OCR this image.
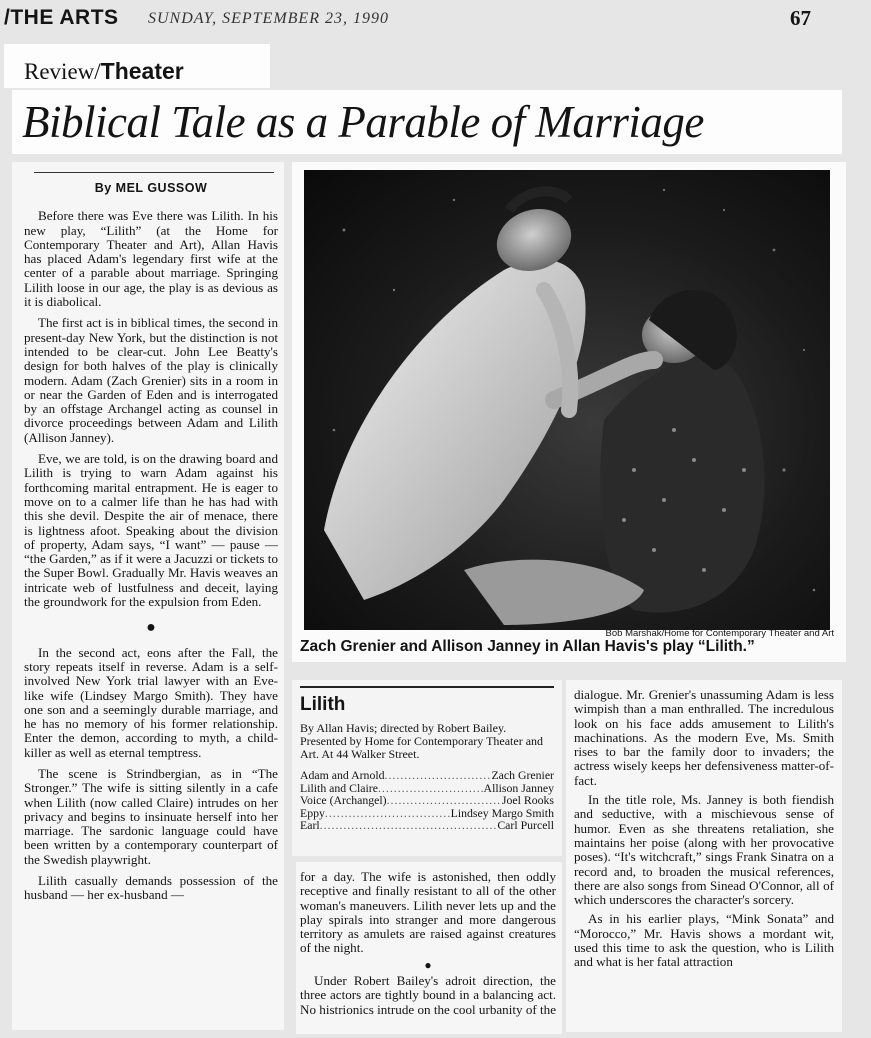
/THE ARTS SUNDAY, SEPTEMBER 23, 1990	67
Review/Theater
Biblical Tale as a Parable of Marriage
By MEL GUSSOW

Before there was Eve there was Lilith. In his new play, “Lilith” (at the Home for Contemporary Theater and Art), Allan Havis has placed Adam's legendary first wife at the center of a parable about marriage. Springing Lilith loose in our age, the play is as devious as it is diabolical.

The first act is in biblical times, the second in present-day New York, but the distinction is not intended to be clear-cut. John Lee Beatty's design for both halves of the play is clinically modern. Adam (Zach Grenier) sits in a room in or near the Garden of Eden and is interrogated by an offstage Archangel acting as counsel in divorce proceedings between Adam and Lilith (Allison Janney).

Eve, we are told, is on the drawing board and Lilith is trying to warn Adam against his forthcoming marital entrapment. He is eager to move on to a calmer life than he has had with this she devil. Despite the air of menace, there is lightness afoot. Speaking about the division of property, Adam says, “I want” — pause — “the Garden,” as if it were a Jacuzzi or tickets to the Super Bowl. Gradually Mr. Havis weaves an intricate web of lustfulness and deceit, laying the groundwork for the expulsion from Eden.

●

In the second act, eons after the Fall, the story repeats itself in reverse. Adam is a self-involved New York trial lawyer with an Eve-like wife (Lindsey Margo Smith). They have one son and a seemingly durable marriage, and he has no memory of his former relationship. Enter the demon, according to myth, a child-killer as well as eternal temptress.

The scene is Strindbergian, as in “The Stronger.” The wife is sitting silently in a cafe when Lilith (now called Claire) intrudes on her privacy and begins to insinuate herself into her marriage. The sardonic language could have been written by a contemporary counterpart of the Swedish playwright.

Lilith casually demands possession of the husband — her ex-husband —

Bob Marshak/Home for Contemporary Theater and Art
Zach Grenier and Allison Janney in Allan Havis's play “Lilith.”
Lilith
By Allan Havis; directed by Robert Bailey. Presented by Home for Contemporary Theater and Art. At 44 Walker Street.
Adam and Arnold .....	Zach Grenier
Lilith and Claire .....	Allison Janney
Voice (Archangel) .....	Joel Rooks
Eppy .....	Lindsey Margo Smith
Earl .....	Carl Purcell

for a day. The wife is astonished, then oddly receptive and finally resistant to all of the other woman's maneuvers. Lilith never lets up and the play spirals into stranger and more dangerous territory as amulets are raised against creatures of the night.

●

Under Robert Bailey's adroit direction, the three actors are tightly bound in a balancing act. No histrionics intrude on the cool urbanity of the

dialogue. Mr. Grenier's unassuming Adam is less wimpish than a man enthralled. The incredulous look on his face adds amusement to Lilith's machinations. As the modern Eve, Ms. Smith rises to bar the family door to invaders; the actress wisely keeps her defensiveness matter-of-fact.

In the title role, Ms. Janney is both fiendish and seductive, with a mischievous sense of humor. Even as she threatens retaliation, she maintains her poise (along with her provocative poses). “It's witchcraft,” sings Frank Sinatra on a record and, to broaden the musical references, there are also songs from Sinead O'Connor, all of which underscores the character's sorcery.

As in his earlier plays, “Mink Sonata” and “Morocco,” Mr. Havis shows a mordant wit, used this time to ask the question, who is Lilith and what is her fatal attraction
